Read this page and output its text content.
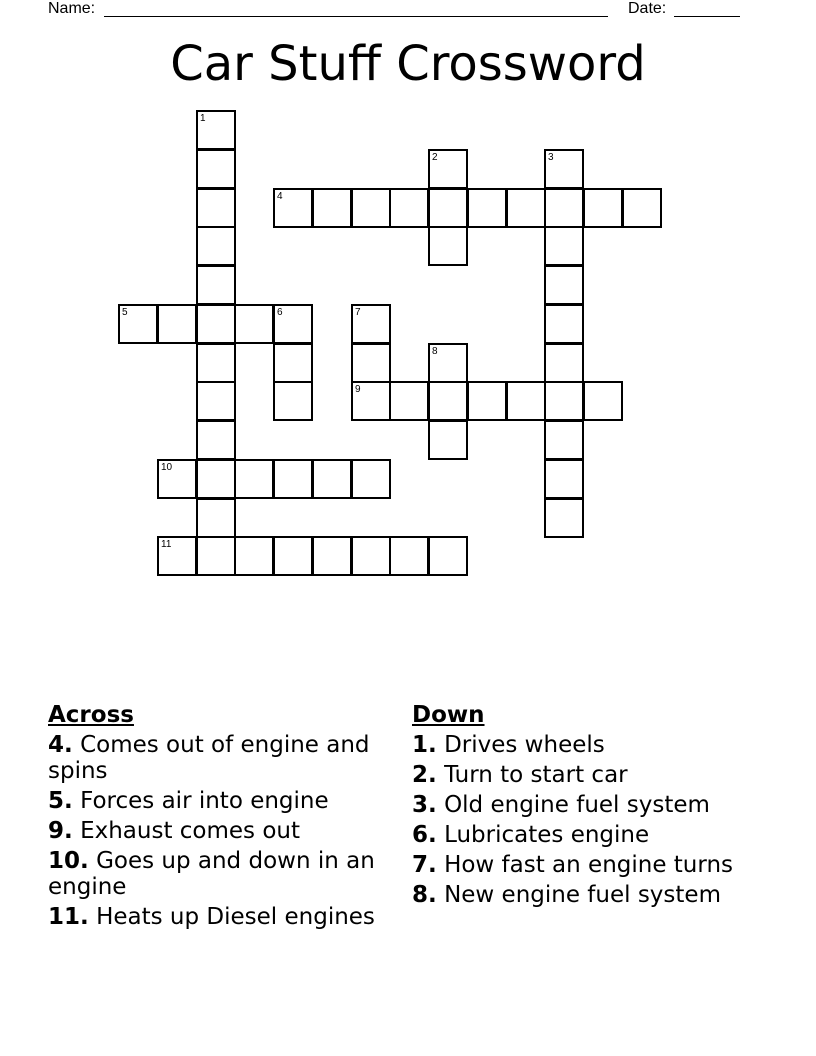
Name:	Date:
Car Stuff Crossword
1
2	3
4
5	6	7
9
8
10
11
Across
4. Comes out of engine and spins
5. Forces air into engine
9. Exhaust comes out
10. Goes up and down in an engine
11. Heats up Diesel engines
Down
1. Drives wheels
2. Turn to start car
3. Old engine fuel system
6. Lubricates engine
7. How fast an engine turns
8. New engine fuel system
